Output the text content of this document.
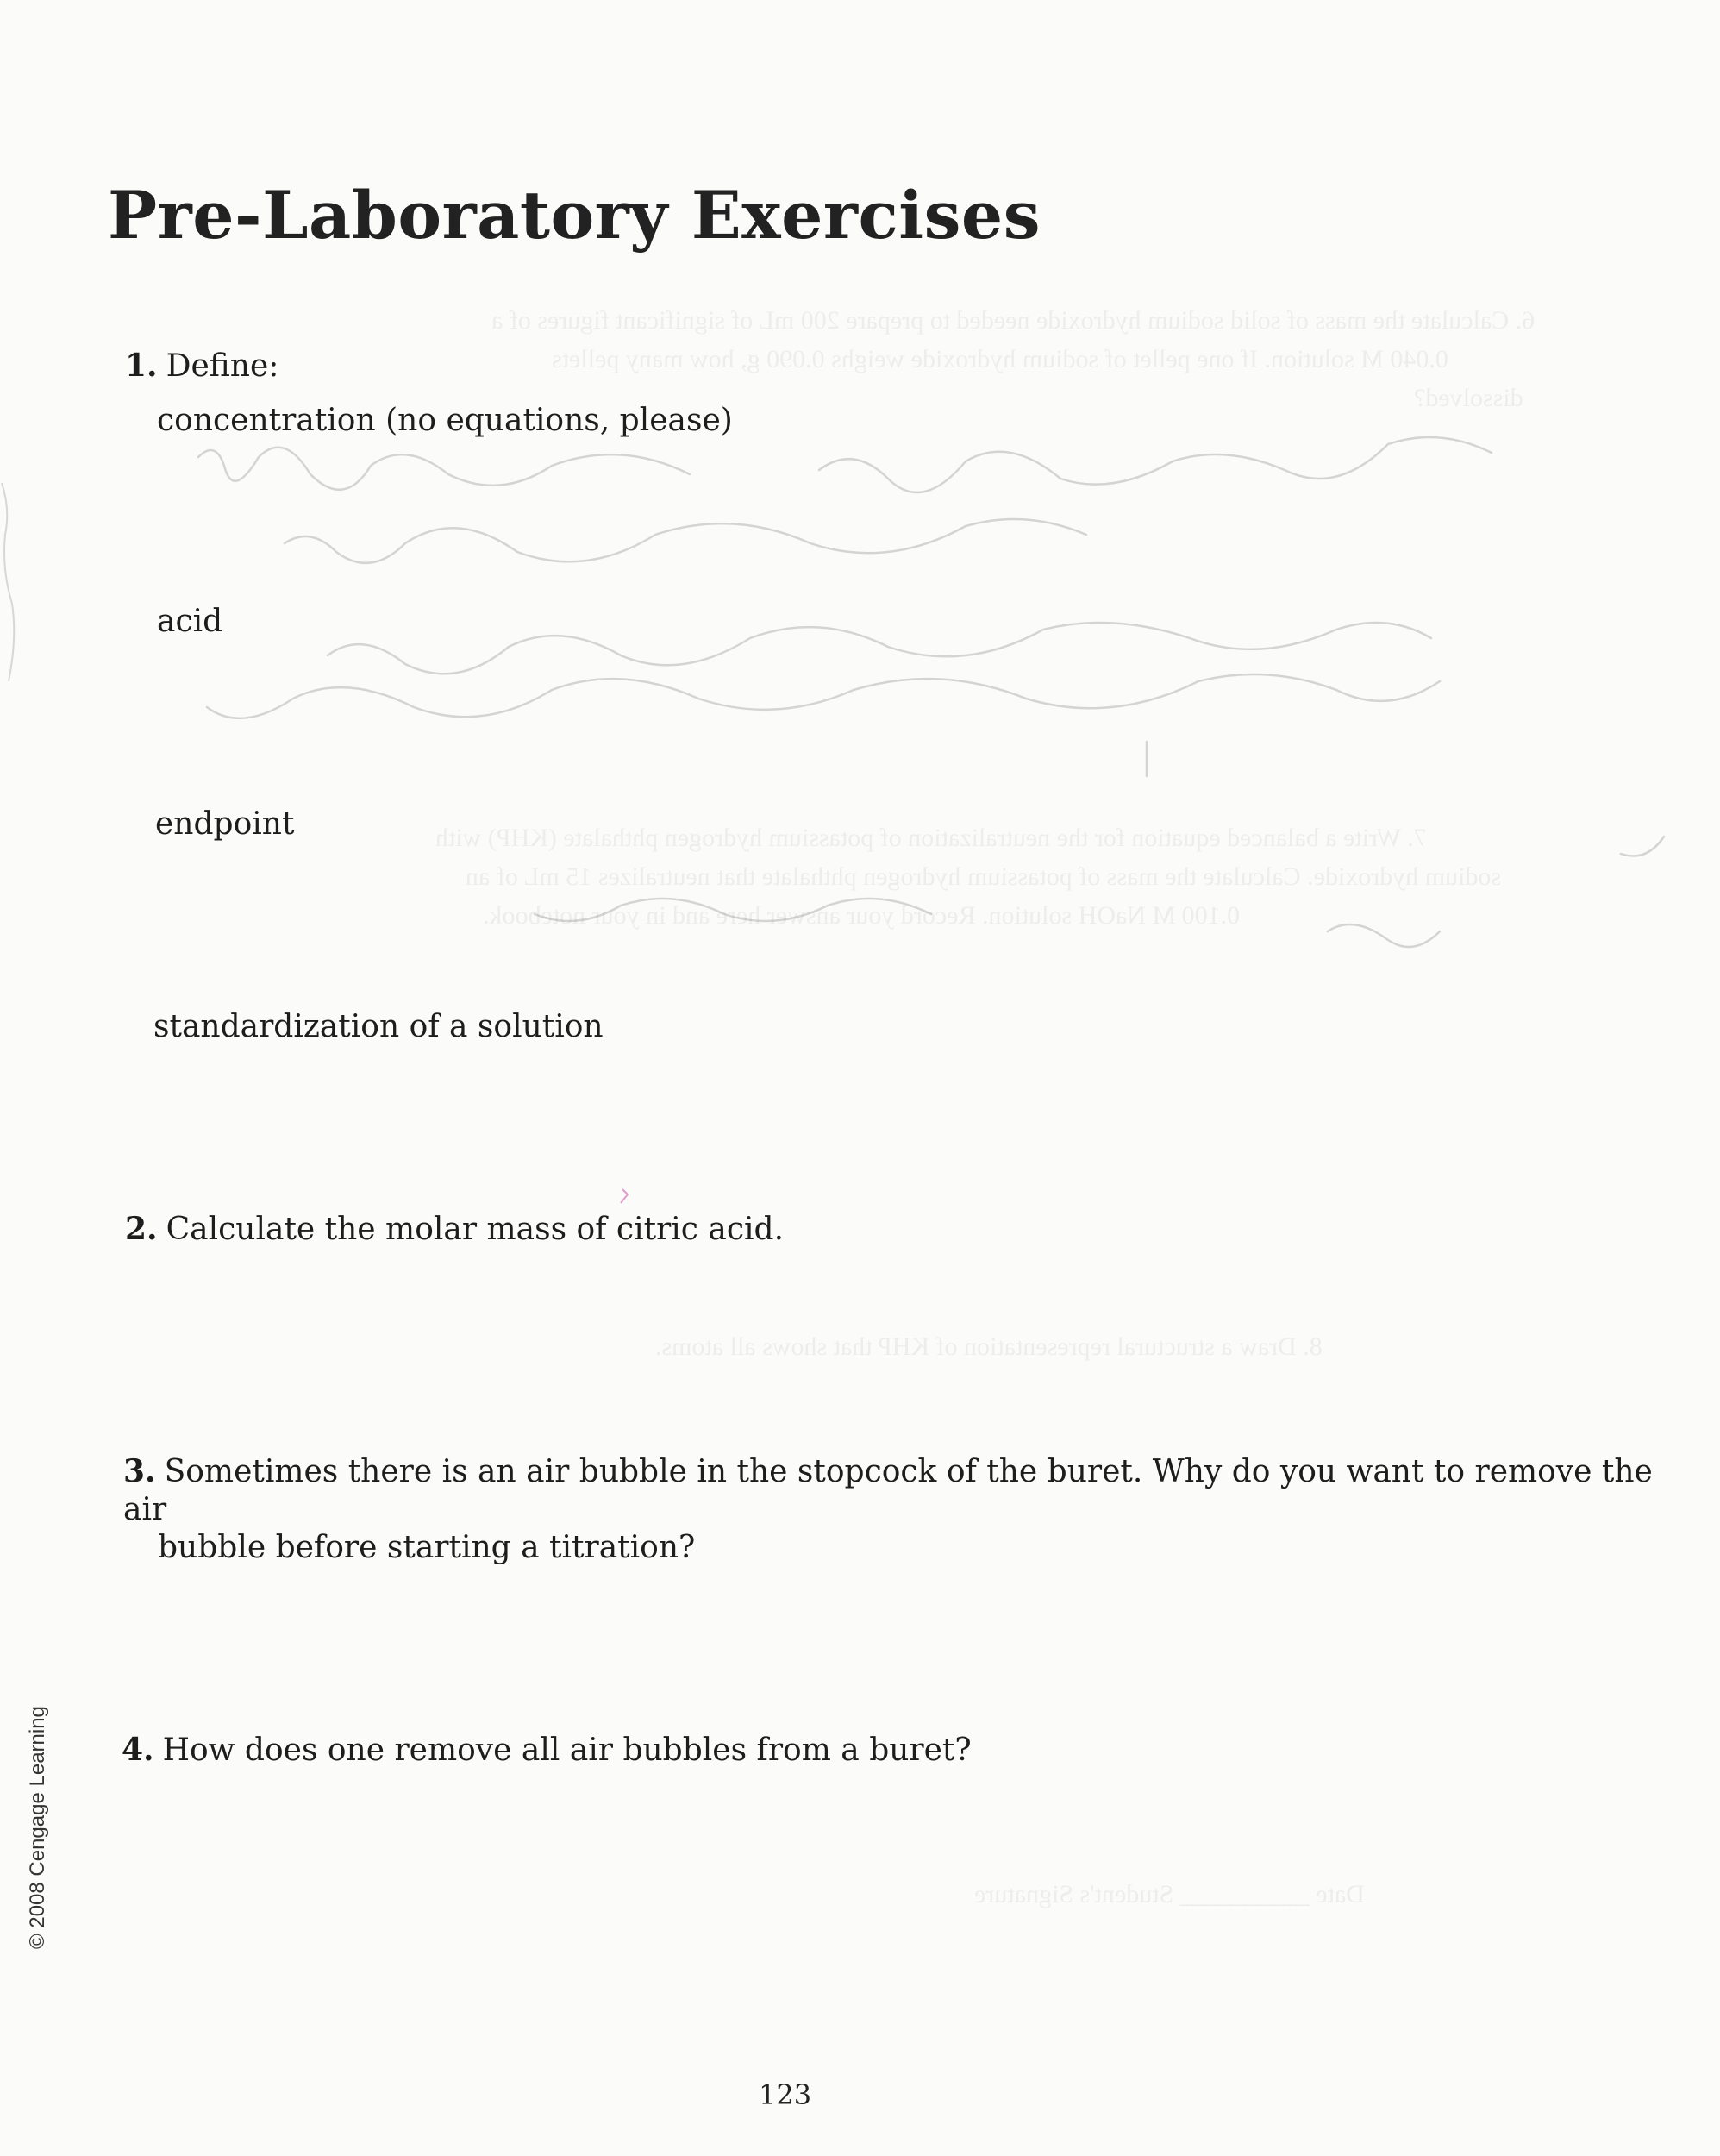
6. Calculate the mass of solid sodium hydroxide needed to prepare 200 mL of significant figures of a
0.040 M solution. If one pellet of sodium hydroxide weighs 0.090 g, how many pellets
dissolved?
7. Write a balanced equation for the neutralization of potassium hydrogen phthalate (KHP) with
sodium hydroxide. Calculate the mass of potassium hydrogen phthalate that neutralizes 15 mL of an
0.100 M NaOH solution. Record your answer here and in your notebook.
8. Draw a structural representation of KHP that shows all atoms.
Date __________ Student's Signature
Pre-Laboratory Exercises
1. Define:
concentration (no equations, please)
acid
endpoint
standardization of a solution
2. Calculate the molar mass of citric acid.
3. Sometimes there is an air bubble in the stopcock of the buret. Why do you want to remove the air
bubble before starting a titration?
4. How does one remove all air bubbles from a buret?
© 2008 Cengage Learning
123
